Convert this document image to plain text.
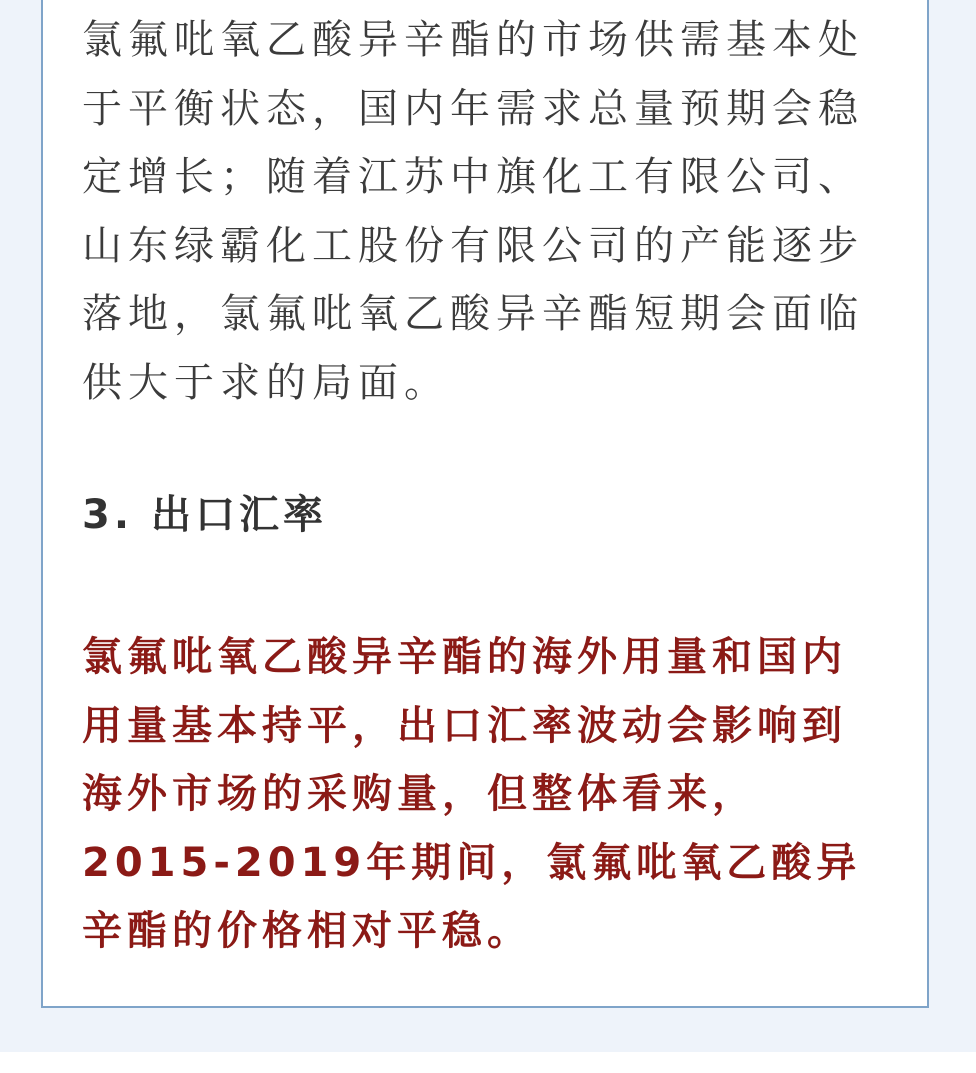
氯氟吡氧乙酸异辛酯的市场供需基本处
于平衡状态，国内年需求总量预期会稳
定增长；随着江苏中旗化工有限公司、
山东绿霸化工股份有限公司的产能逐步
落地，氯氟吡氧乙酸异辛酯短期会面临
供大于求的局面。
3. 出口汇率
氯氟吡氧乙酸异辛酯的海外用量和国内
用量基本持平，出口汇率波动会影响到
海外市场的采购量，但整体看来，
2015-2019年期间，氯氟吡氧乙酸异
辛酯的价格相对平稳。
